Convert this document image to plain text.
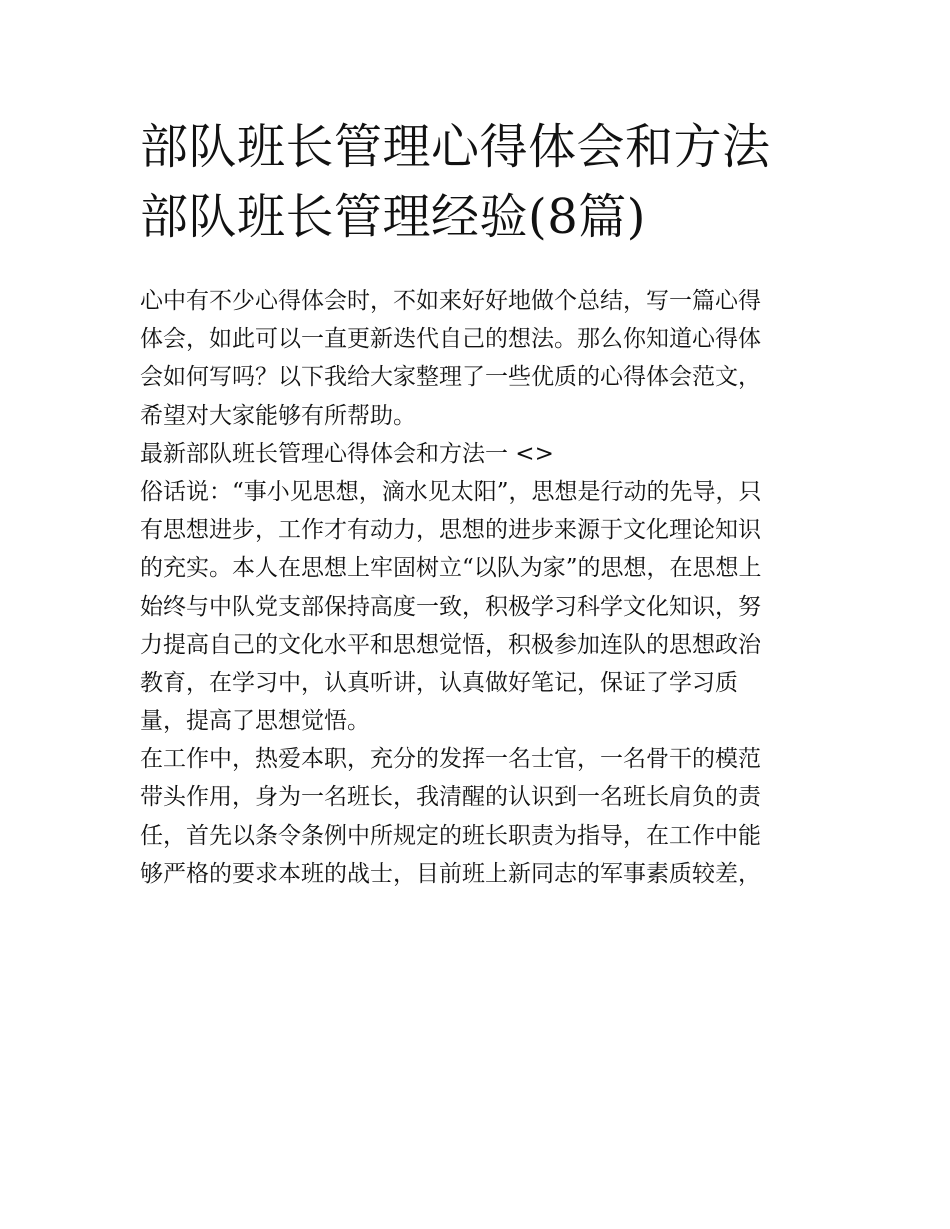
部队班长管理心得体会和方法
部队班长管理经验(8篇)

心中有不少心得体会时，不如来好好地做个总结，写一篇心得
体会，如此可以一直更新迭代自己的想法。那么你知道心得体
会如何写吗？以下我给大家整理了一些优质的心得体会范文，
希望对大家能够有所帮助。

最新部队班长管理心得体会和方法一 <>

俗话说：“事小见思想，滴水见太阳”，思想是行动的先导，只
有思想进步，工作才有动力，思想的进步来源于文化理论知识
的充实。本人在思想上牢固树立“以队为家”的思想，在思想上
始终与中队党支部保持高度一致，积极学习科学文化知识，努
力提高自己的文化水平和思想觉悟，积极参加连队的思想政治
教育，在学习中，认真听讲，认真做好笔记，保证了学习质
量，提高了思想觉悟。

在工作中，热爱本职，充分的发挥一名士官，一名骨干的模范
带头作用，身为一名班长，我清醒的认识到一名班长肩负的责
任，首先以条令条例中所规定的班长职责为指导，在工作中能
够严格的要求本班的战士，目前班上新同志的军事素质较差，
